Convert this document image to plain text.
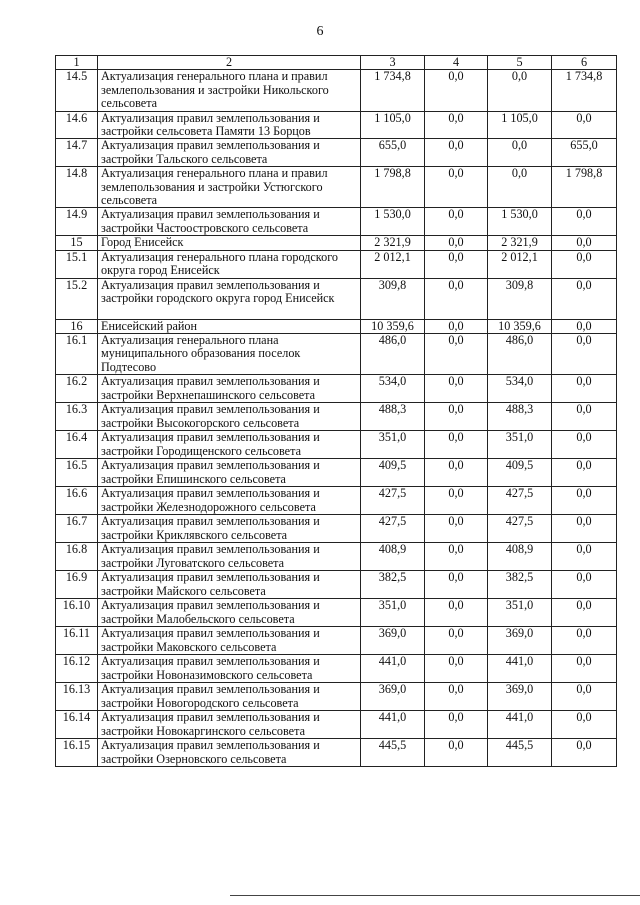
6
1	2	3	4	5	6
14.5	Актуализация генерального плана и правил землепользования и застройки Никольского сельсовета	1 734,8	0,0	0,0	1 734,8
14.6	Актуализация правил землепользования и застройки сельсовета Памяти 13 Борцов	1 105,0	0,0	1 105,0	0,0
14.7	Актуализация правил землепользования и застройки Тальского сельсовета	655,0	0,0	0,0	655,0
14.8	Актуализация генерального плана и правил землепользования и застройки Устюгского сельсовета	1 798,8	0,0	0,0	1 798,8
14.9	Актуализация правил землепользования и застройки Частоостровского сельсовета	1 530,0	0,0	1 530,0	0,0
15	Город Енисейск	2 321,9	0,0	2 321,9	0,0
15.1	Актуализация генерального плана городского округа город Енисейск	2 012,1	0,0	2 012,1	0,0
15.2	Актуализация правил землепользования и застройки городского округа город Енисейск	309,8	0,0	309,8	0,0
16	Енисейский район	10 359,6	0,0	10 359,6	0,0
16.1	Актуализация генерального плана муниципального образования поселок Подтесово	486,0	0,0	486,0	0,0
16.2	Актуализация правил землепользования и застройки Верхнепашинского сельсовета	534,0	0,0	534,0	0,0
16.3	Актуализация правил землепользования и застройки Высокогорского сельсовета	488,3	0,0	488,3	0,0
16.4	Актуализация правил землепользования и застройки Городищенского сельсовета	351,0	0,0	351,0	0,0
16.5	Актуализация правил землепользования и застройки Епишинского сельсовета	409,5	0,0	409,5	0,0
16.6	Актуализация правил землепользования и застройки Железнодорожного сельсовета	427,5	0,0	427,5	0,0
16.7	Актуализация правил землепользования и застройки Криклявского сельсовета	427,5	0,0	427,5	0,0
16.8	Актуализация правил землепользования и застройки Луговатского сельсовета	408,9	0,0	408,9	0,0
16.9	Актуализация правил землепользования и застройки Майского сельсовета	382,5	0,0	382,5	0,0
16.10	Актуализация правил землепользования и застройки Малобельского сельсовета	351,0	0,0	351,0	0,0
16.11	Актуализация правил землепользования и застройки Маковского сельсовета	369,0	0,0	369,0	0,0
16.12	Актуализация правил землепользования и застройки Новоназимовского сельсовета	441,0	0,0	441,0	0,0
16.13	Актуализация правил землепользования и застройки Новогородского сельсовета	369,0	0,0	369,0	0,0
16.14	Актуализация правил землепользования и застройки Новокаргинского сельсовета	441,0	0,0	441,0	0,0
16.15	Актуализация правил землепользования и застройки Озерновского сельсовета	445,5	0,0	445,5	0,0
